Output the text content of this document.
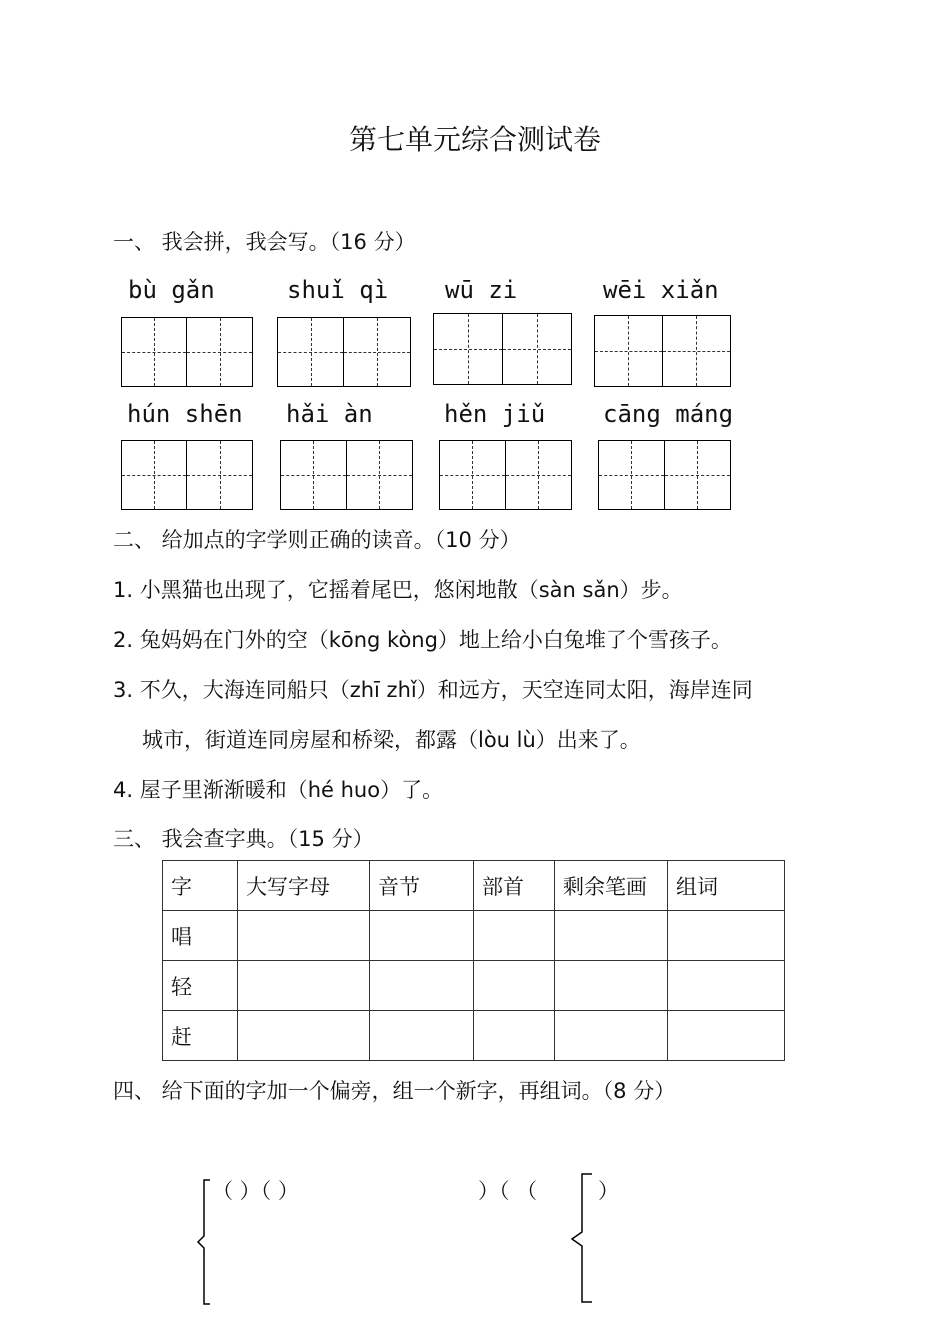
第七单元综合测试卷
一、 我会拼，我会写。（16 分）
bù gǎn	shuǐ qì wū zi	wēi xiǎn
hún shēn hǎi àn	hěn jiǔ cāng máng
二、 给加点的字学则正确的读音。（10 分）
1. 小黑猫也出现了，它摇着尾巴，悠闲地散（sàn sǎn）步。
2. 兔妈妈在门外的空（kōng kòng）地上给小白兔堆了个雪孩子。
3. 不久，大海连同船只（zhī zhǐ）和远方，天空连同太阳，海岸连同
城市，街道连同房屋和桥梁，都露（lòu lù）出来了。
4. 屋子里渐渐暖和（hé huo）了。
三、 我会查字典。（15 分）
字	大写字母	音节	部首	剩余笔画	组词
唱					
轻					
赶					
四、 给下面的字加一个偏旁，组一个新字，再组词。（8 分）
（ ）（ ）	）（ （	）
